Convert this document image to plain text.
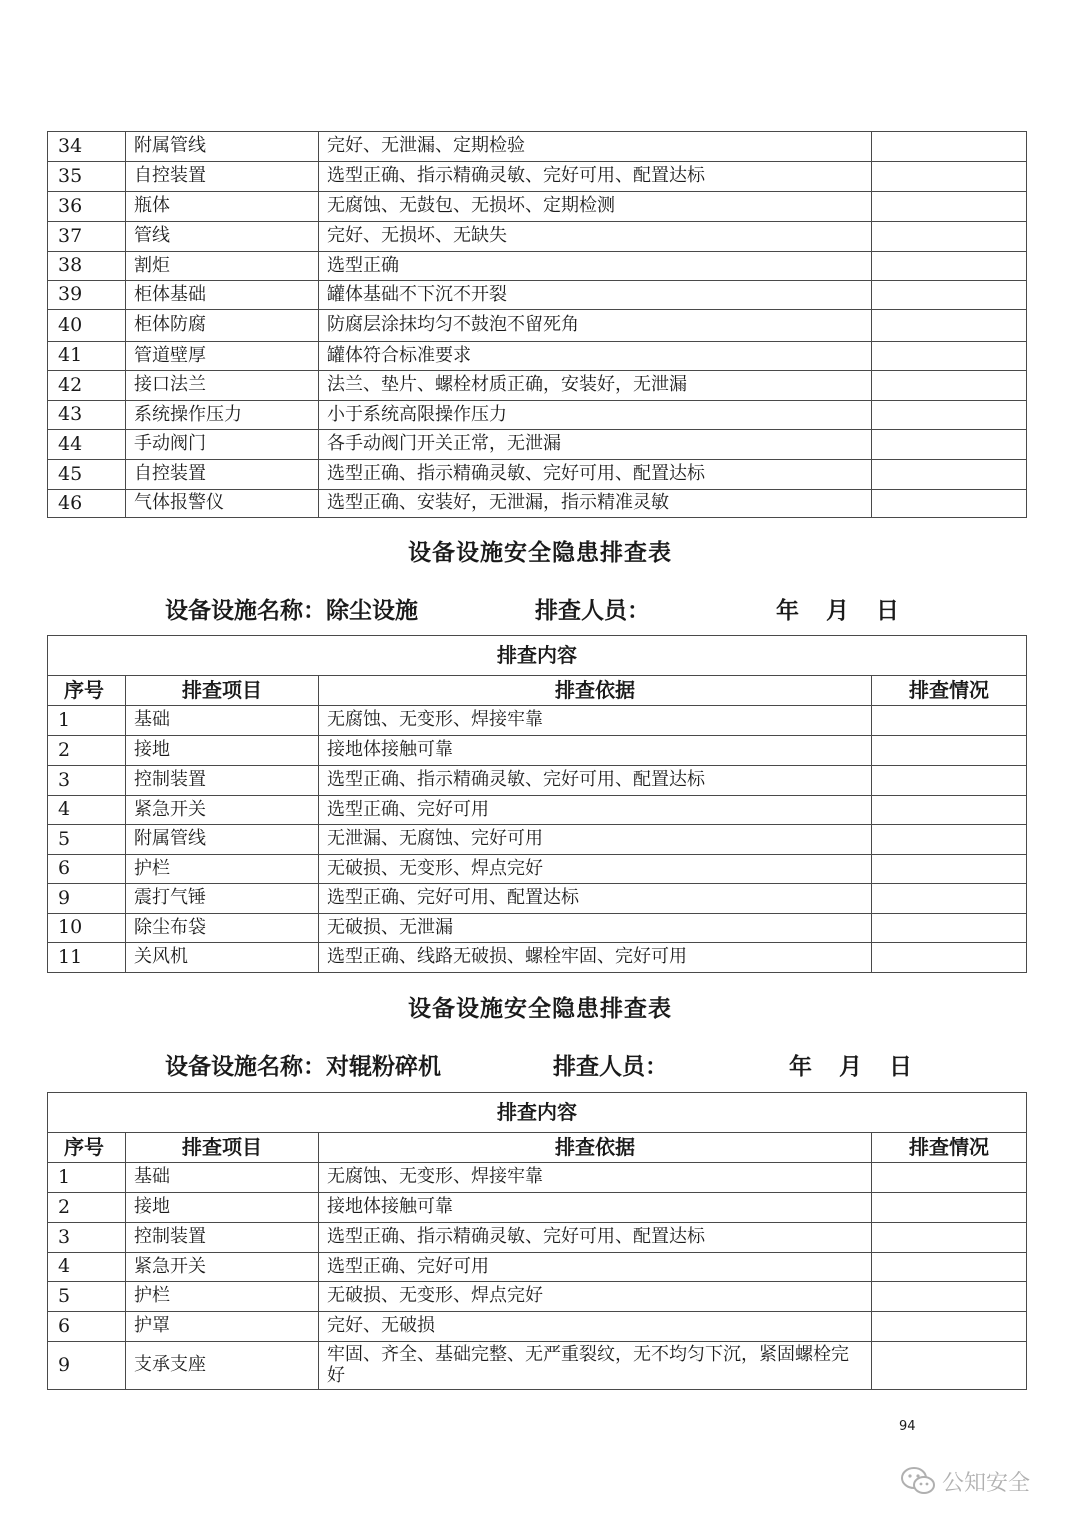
34	附属管线	完好、无泄漏、定期检验	
35	自控装置	选型正确、指示精确灵敏、完好可用、配置达标	
36	瓶体	无腐蚀、无鼓包、无损坏、定期检测	
37	管线	完好、无损坏、无缺失	
38	割炬	选型正确	
39	柜体基础	罐体基础不下沉不开裂	
40	柜体防腐	防腐层涂抹均匀不鼓泡不留死角	
41	管道壁厚	罐体符合标准要求	
42	接口法兰	法兰、垫片、螺栓材质正确，安装好，无泄漏	
43	系统操作压力	小于系统高限操作压力	
44	手动阀门	各手动阀门开关正常，无泄漏	
45	自控装置	选型正确、指示精确灵敏、完好可用、配置达标	
46	气体报警仪	选型正确、安装好，无泄漏，指示精准灵敏	
设备设施安全隐患排查表
设备设施名称：除尘设施	排查人员：	年　月　日
排查内容			
序号	排查项目	排查依据	排查情况
1	基础	无腐蚀、无变形、焊接牢靠	
2	接地	接地体接触可靠	
3	控制装置	选型正确、指示精确灵敏、完好可用、配置达标	
4	紧急开关	选型正确、完好可用	
5	附属管线	无泄漏、无腐蚀、完好可用	
6	护栏	无破损、无变形、焊点完好	
9	震打气锤	选型正确、完好可用、配置达标	
10	除尘布袋	无破损、无泄漏	
11	关风机	选型正确、线路无破损、螺栓牢固、完好可用	
设备设施安全隐患排查表
设备设施名称：对辊粉碎机	排查人员：	年　月　日
排查内容			
序号	排查项目	排查依据	排查情况
1	基础	无腐蚀、无变形、焊接牢靠	
2	接地	接地体接触可靠	
3	控制装置	选型正确、指示精确灵敏、完好可用、配置达标	
4	紧急开关	选型正确、完好可用	
5	护栏	无破损、无变形、焊点完好	
6	护罩	完好、无破损	
9	支承支座	牢固、齐全、基础完整、无严重裂纹，无不均匀下沉，紧固螺栓完好	
94
公知安全
